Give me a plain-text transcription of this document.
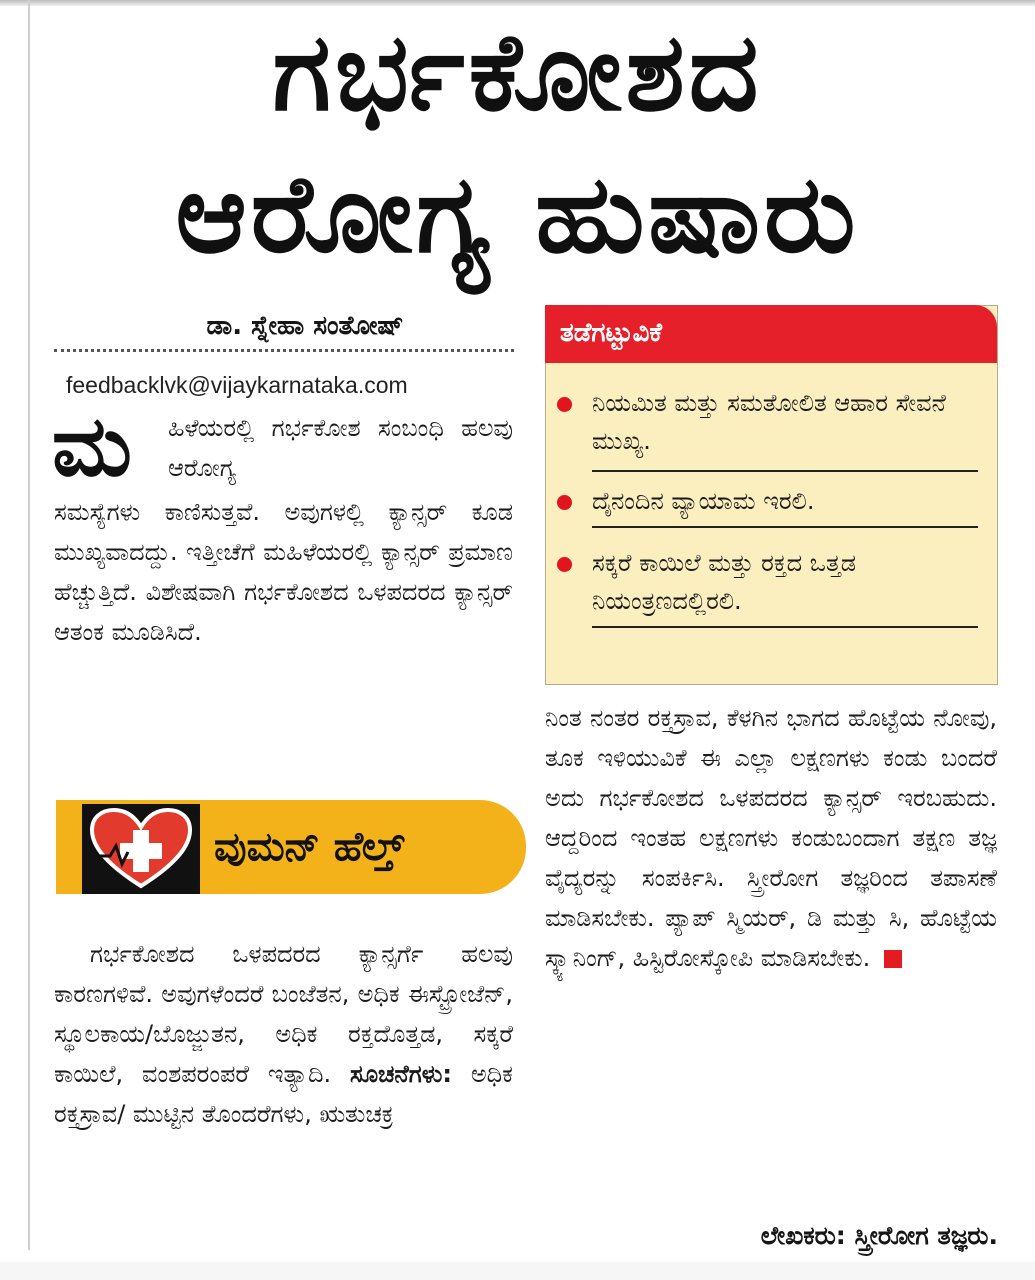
ಗರ್ಭಕೋಶದ
ಆರೋಗ್ಯ ಹುಷಾರು
ಡಾ. ಸ್ನೇಹಾ ಸಂತೋಷ್
feedbacklvk@vijaykarnataka.com
ಮ ಹಿಳೆಯರಲ್ಲಿ ಗರ್ಭಕೋಶ ಸಂಬಂಧಿ ಹಲವು ಆರೋಗ್ಯ

ಸಮಸ್ಯೆಗಳು ಕಾಣಿಸುತ್ತವೆ. ಅವುಗಳಲ್ಲಿ ಕ್ಯಾನ್ಸರ್ ಕೂಡ ಮುಖ್ಯವಾದದ್ದು. ಇತ್ತೀಚೆಗೆ ಮಹಿಳೆಯರಲ್ಲಿ ಕ್ಯಾನ್ಸರ್ ಪ್ರಮಾಣ ಹೆಚ್ಚುತ್ತಿದೆ. ವಿಶೇಷವಾಗಿ ಗರ್ಭಕೋಶದ ಒಳಪದರದ ಕ್ಯಾನ್ಸರ್ ಆತಂಕ ಮೂಡಿಸಿದೆ.

ವುಮನ್ ಹೆಲ್ತ್

ಗರ್ಭಕೋಶದ ಒಳಪದರದ ಕ್ಯಾನ್ಸರ್ಗೆ ಹಲವು ಕಾರಣಗಳಿವೆ. ಅವುಗಳೆಂದರೆ ಬಂಜೆತನ, ಅಧಿಕ ಈಸ್ಟ್ರೋಜೆನ್, ಸ್ಥೂಲಕಾಯ/ಬೊಜ್ಜುತನ, ಅಧಿಕ ರಕ್ತದೊತ್ತಡ, ಸಕ್ಕರೆ ಕಾಯಿಲೆ, ವಂಶಪರಂಪರೆ ಇತ್ಯಾದಿ. ಸೂಚನೆಗಳು: ಅಧಿಕ ರಕ್ತಸ್ರಾವ/ ಮುಟ್ಟಿನ ತೊಂದರೆಗಳು, ಋತುಚಕ್ರ

ತಡೆಗಟ್ಟುವಿಕೆ
ನಿಯಮಿತ ಮತ್ತು ಸಮತೋಲಿತ ಆಹಾರ ಸೇವನೆ ಮುಖ್ಯ.
ದೈನಂದಿನ ವ್ಯಾಯಾಮ ಇರಲಿ.
ಸಕ್ಕರೆ ಕಾಯಿಲೆ ಮತ್ತು ರಕ್ತದ ಒತ್ತಡ ನಿಯಂತ್ರಣದಲ್ಲಿರಲಿ.

ನಿಂತ ನಂತರ ರಕ್ತಸ್ರಾವ, ಕೆಳಗಿನ ಭಾಗದ ಹೊಟ್ಟೆಯ ನೋವು, ತೂಕ ಇಳಿಯುವಿಕೆ ಈ ಎಲ್ಲಾ ಲಕ್ಷಣಗಳು ಕಂಡು ಬಂದರೆ ಅದು ಗರ್ಭಕೋಶದ ಒಳಪದರದ ಕ್ಯಾನ್ಸರ್ ಇರಬಹುದು. ಆದ್ದರಿಂದ ಇಂತಹ ಲಕ್ಷಣಗಳು ಕಂಡುಬಂದಾಗ ತಕ್ಷಣ ತಜ್ಞ ವೈದ್ಯರನ್ನು ಸಂಪರ್ಕಿಸಿ. ಸ್ತ್ರೀರೋಗ ತಜ್ಞರಿಂದ ತಪಾಸಣೆ ಮಾಡಿಸಬೇಕು. ಪ್ಯಾಪ್ ಸ್ಮಿಯರ್, ಡಿ ಮತ್ತು ಸಿ, ಹೊಟ್ಟೆಯ ಸ್ಕ್ಯಾನಿಂಗ್, ಹಿಸ್ಟಿರೋಸ್ಕೋಪಿ ಮಾಡಿಸಬೇಕು.

ಲೇಖಕರು: ಸ್ತ್ರೀರೋಗ ತಜ್ಞರು.
